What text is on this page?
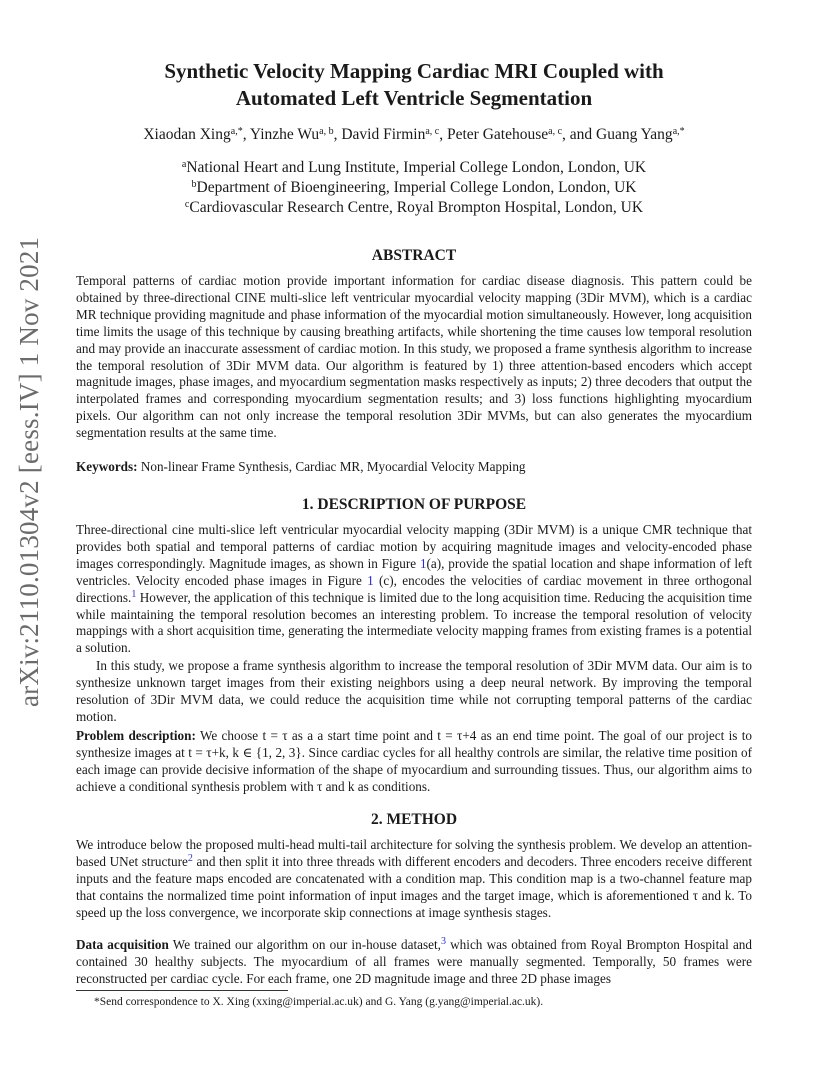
arXiv:2110.01304v2 [eess.IV] 1 Nov 2021
Synthetic Velocity Mapping Cardiac MRI Coupled with
Automated Left Ventricle Segmentation
Xiaodan Xing$^{a,*}$, Yinzhe Wu$^{a, b}$, David Firmin$^{a, c}$, Peter Gatehouse$^{a, c}$, and Guang Yang$^{a,*}$
$^a$National Heart and Lung Institute, Imperial College London, London, UK
$^b$Department of Bioengineering, Imperial College London, London, UK
$^c$Cardiovascular Research Centre, Royal Brompton Hospital, London, UK
ABSTRACT

Temporal patterns of cardiac motion provide important information for cardiac disease diagnosis. This pattern could be obtained by three-directional CINE multi-slice left ventricular myocardial velocity mapping (3Dir MVM), which is a cardiac MR technique providing magnitude and phase information of the myocardial motion simultaneously. However, long acquisition time limits the usage of this technique by causing breathing artifacts, while shortening the time causes low temporal resolution and may provide an inaccurate assessment of cardiac motion. In this study, we proposed a frame synthesis algorithm to increase the temporal resolution of 3Dir MVM data. Our algorithm is featured by 1) three attention-based encoders which accept magnitude images, phase images, and myocardium segmentation masks respectively as inputs; 2) three decoders that output the interpolated frames and corresponding myocardium segmentation results; and 3) loss functions highlighting myocardium pixels. Our algorithm can not only increase the temporal resolution 3Dir MVMs, but can also generates the myocardium segmentation results at the same time.

Keywords: Non-linear Frame Synthesis, Cardiac MR, Myocardial Velocity Mapping

1. DESCRIPTION OF PURPOSE

Three-directional cine multi-slice left ventricular myocardial velocity mapping (3Dir MVM) is a unique CMR technique that provides both spatial and temporal patterns of cardiac motion by acquiring magnitude images and velocity-encoded phase images correspondingly. Magnitude images, as shown in Figure 1(a), provide the spatial location and shape information of left ventricles. Velocity encoded phase images in Figure 1 (c), encodes the velocities of cardiac movement in three orthogonal directions.$^1$ However, the application of this technique is limited due to the long acquisition time. Reducing the acquisition time while maintaining the temporal resolution becomes an interesting problem. To increase the temporal resolution of velocity mappings with a short acquisition time, generating the intermediate velocity mapping frames from existing frames is a potential a solution.

In this study, we propose a frame synthesis algorithm to increase the temporal resolution of 3Dir MVM data. Our aim is to synthesize unknown target images from their existing neighbors using a deep neural network. By improving the temporal resolution of 3Dir MVM data, we could reduce the acquisition time while not corrupting temporal patterns of the cardiac motion.

Problem description: We choose t = τ as a a start time point and t = τ+4 as an end time point. The goal of our project is to synthesize images at t = τ+k, k ∈ {1, 2, 3}. Since cardiac cycles for all healthy controls are similar, the relative time position of each image can provide decisive information of the shape of myocardium and surrounding tissues. Thus, our algorithm aims to achieve a conditional synthesis problem with τ and k as conditions.

2. METHOD

We introduce below the proposed multi-head multi-tail architecture for solving the synthesis problem. We develop an attention-based UNet structure$^2$ and then split it into three threads with different encoders and decoders. Three encoders receive different inputs and the feature maps encoded are concatenated with a condition map. This condition map is a two-channel feature map that contains the normalized time point information of input images and the target image, which is aforementioned τ and k. To speed up the loss convergence, we incorporate skip connections at image synthesis stages.

Data acquisition We trained our algorithm on our in-house dataset,$^3$ which was obtained from Royal Brompton Hospital and contained 30 healthy subjects. The myocardium of all frames were manually segmented. Temporally, 50 frames were reconstructed per cardiac cycle. For each frame, one 2D magnitude image and three 2D phase images

*Send correspondence to X. Xing (xxing@imperial.ac.uk) and G. Yang (g.yang@imperial.ac.uk).
